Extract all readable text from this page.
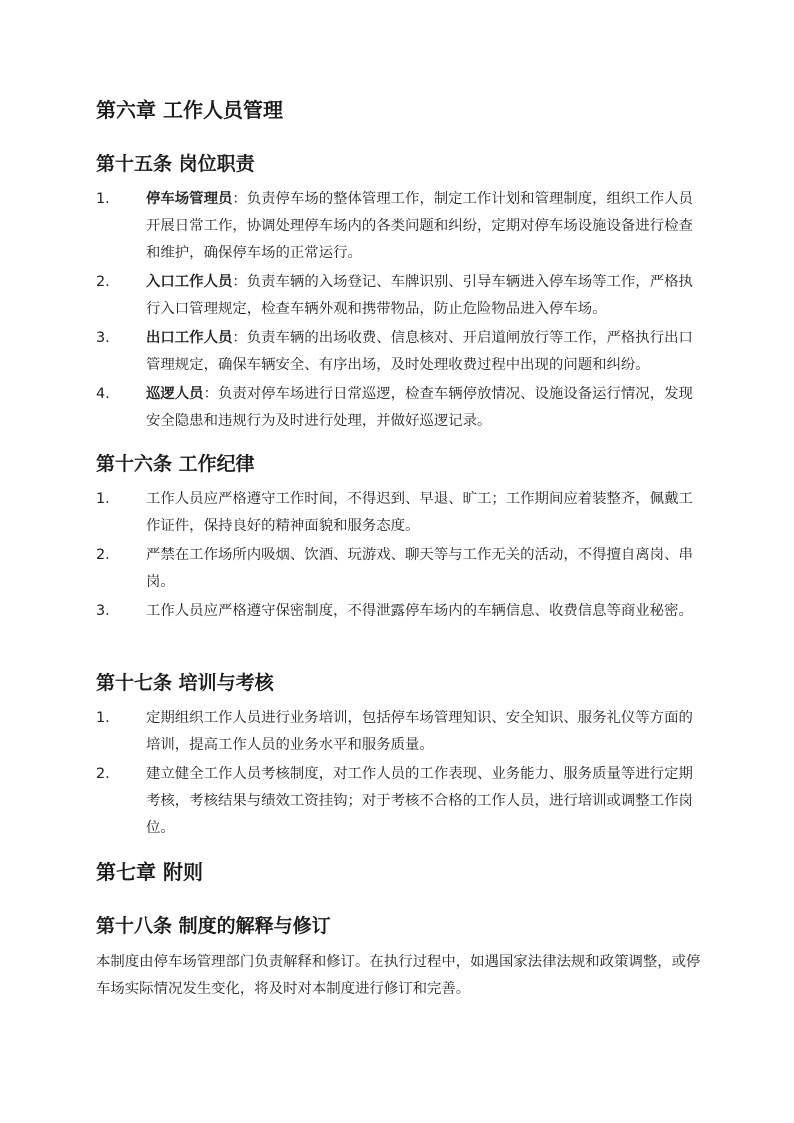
第六章 工作人员管理
第十五条 岗位职责
1.	停车场管理员：负责停车场的整体管理工作，制定工作计划和管理制度，组织工作人员开展日常工作，协调处理停车场内的各类问题和纠纷，定期对停车场设施设备进行检查和维护，确保停车场的正常运行。
2.	入口工作人员：负责车辆的入场登记、车牌识别、引导车辆进入停车场等工作，严格执行入口管理规定，检查车辆外观和携带物品，防止危险物品进入停车场。
3.	出口工作人员：负责车辆的出场收费、信息核对、开启道闸放行等工作，严格执行出口管理规定，确保车辆安全、有序出场，及时处理收费过程中出现的问题和纠纷。
4.	巡逻人员：负责对停车场进行日常巡逻，检查车辆停放情况、设施设备运行情况，发现安全隐患和违规行为及时进行处理，并做好巡逻记录。
第十六条 工作纪律
1.	工作人员应严格遵守工作时间，不得迟到、早退、旷工；工作期间应着装整齐，佩戴工作证件，保持良好的精神面貌和服务态度。
2.	严禁在工作场所内吸烟、饮酒、玩游戏、聊天等与工作无关的活动，不得擅自离岗、串岗。
3.	工作人员应严格遵守保密制度，不得泄露停车场内的车辆信息、收费信息等商业秘密。
第十七条 培训与考核
1.	定期组织工作人员进行业务培训，包括停车场管理知识、安全知识、服务礼仪等方面的培训，提高工作人员的业务水平和服务质量。
2.	建立健全工作人员考核制度，对工作人员的工作表现、业务能力、服务质量等进行定期考核，考核结果与绩效工资挂钩；对于考核不合格的工作人员，进行培训或调整工作岗位。
第七章 附则
第十八条 制度的解释与修订

本制度由停车场管理部门负责解释和修订。在执行过程中，如遇国家法律法规和政策调整，或停车场实际情况发生变化，将及时对本制度进行修订和完善。
